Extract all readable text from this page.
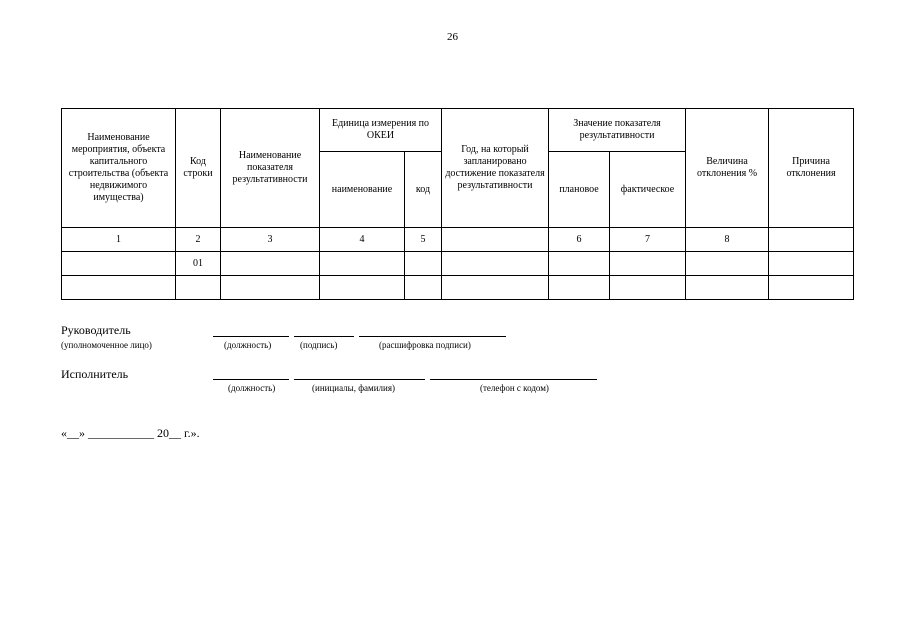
26
Наименование мероприятия, объекта капитального строительства (объекта недвижимого имущества)	Код строки	Наименование показателя результативности	Единица измерения по ОКЕИ		Год, на который запланировано достижение показателя результативности	Значение показателя результативности		Величина отклонения %	Причина отклонения
			наименование	код		плановое	фактическое		
1	2	3	4	5		6	7	8	
	01								

Руководитель
(уполномоченное лицо)	(должность)	(подпись)	(расшифровка подписи)
Исполнитель
(должность)	(инициалы, фамилия)	(телефон с кодом)
«__» ___________ 20__ г.».
